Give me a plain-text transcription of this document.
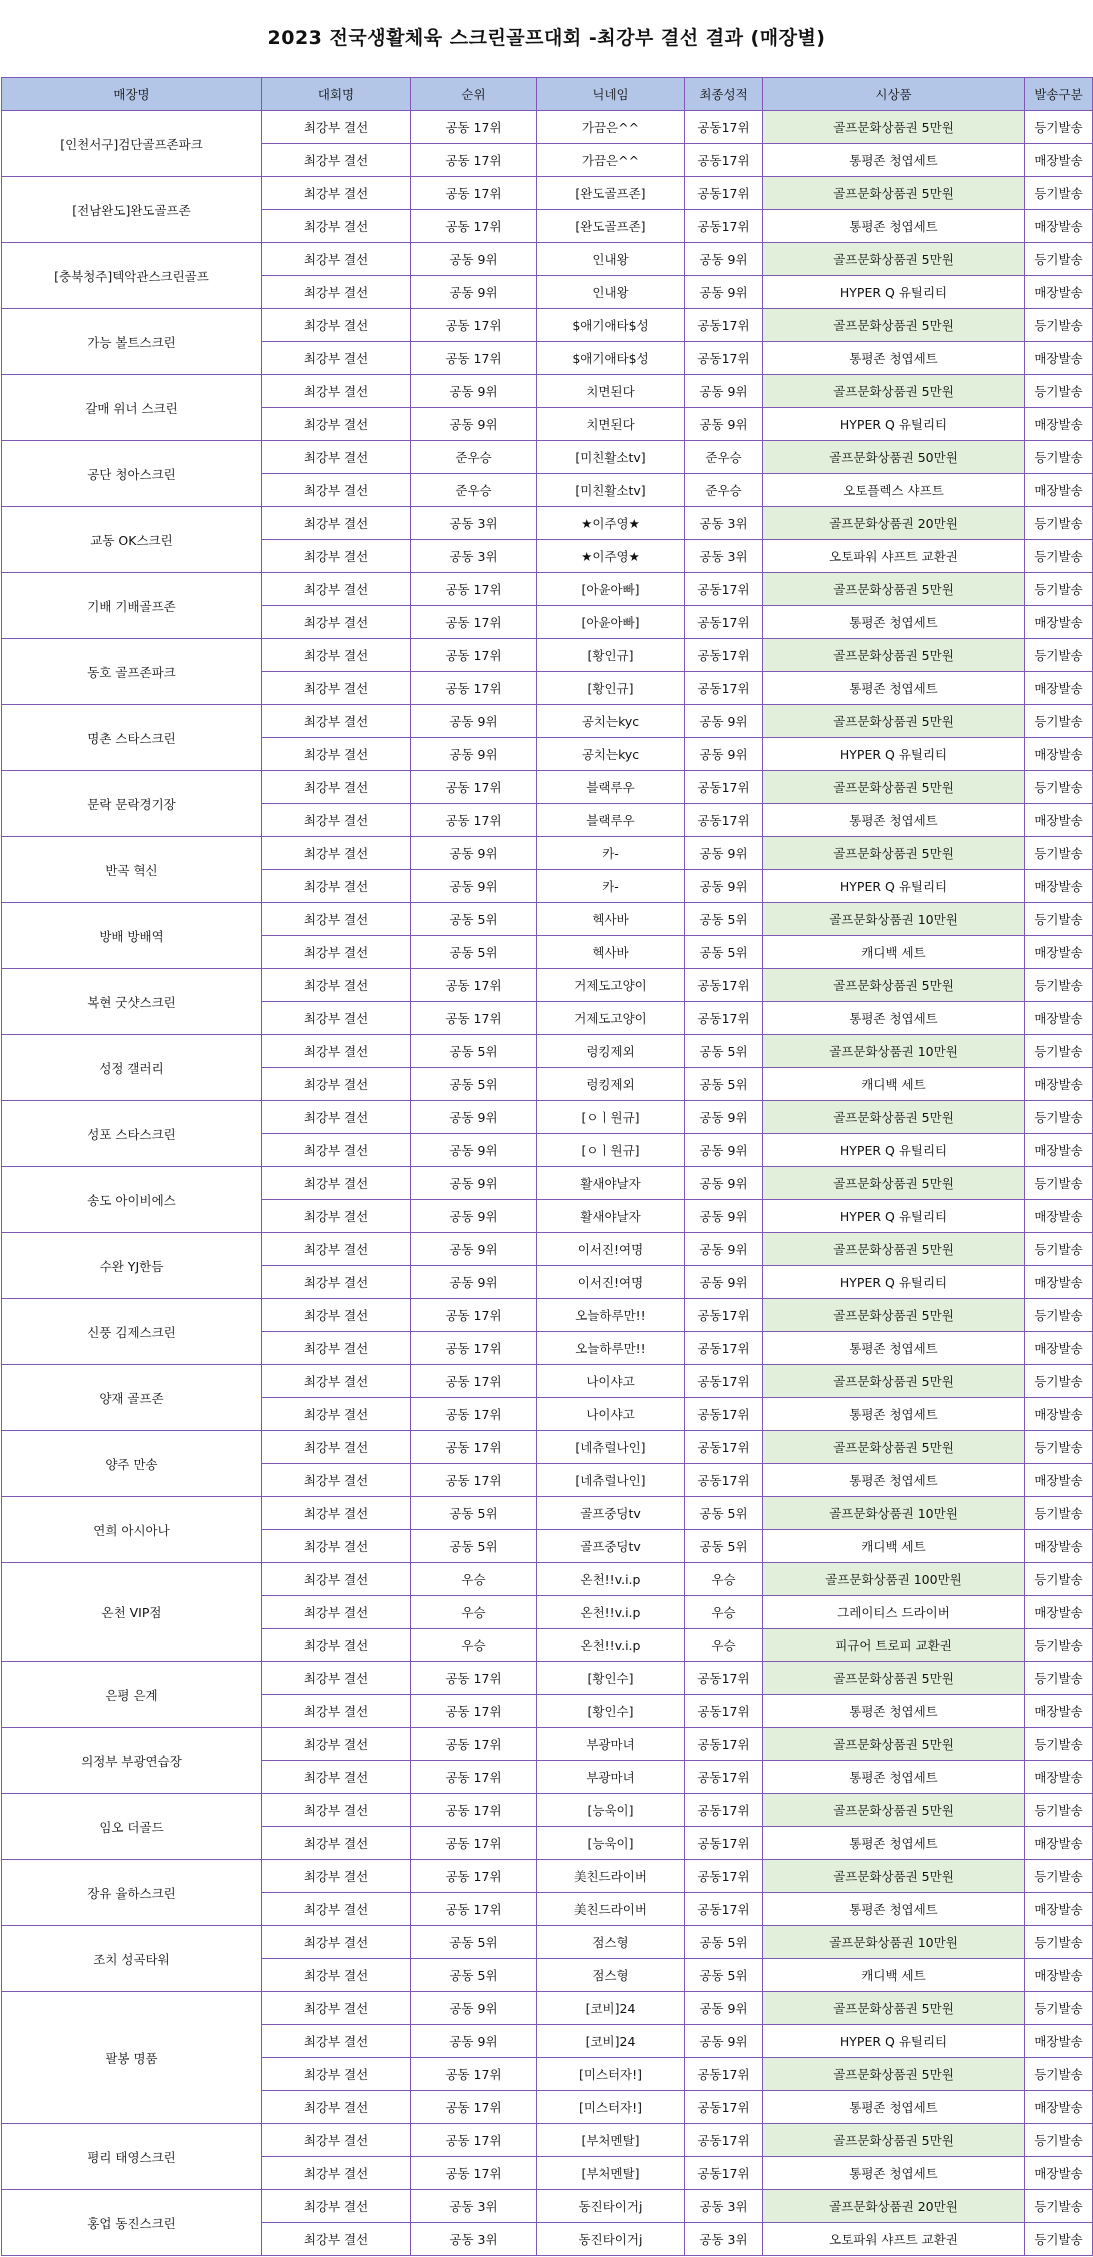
2023 전국생활체육 스크린골프대회 -최강부 결선 결과 (매장별)
매장명	대회명	순위	닉네임	최종성적	시상품	발송구분
[인천서구]검단골프존파크	최강부 결선	공동 17위	가끔은^^	공동17위	골프문화상품권 5만원	등기발송
	최강부 결선	공동 17위	가끔은^^	공동17위	통평존 청엽세트	매장발송
[전남완도]완도골프존	최강부 결선	공동 17위	[완도골프존]	공동17위	골프문화상품권 5만원	등기발송
	최강부 결선	공동 17위	[완도골프존]	공동17위	통평존 청엽세트	매장발송
[충북청주]텍악관스크린골프	최강부 결선	공동 9위	인내왕	공동 9위	골프문화상품권 5만원	등기발송
	최강부 결선	공동 9위	인내왕	공동 9위	HYPER Q 유틸리티	매장발송
가능 볼트스크린	최강부 결선	공동 17위	$애기애타$성	공동17위	골프문화상품권 5만원	등기발송
	최강부 결선	공동 17위	$애기애타$성	공동17위	통평존 청엽세트	매장발송
갈매 위너 스크린	최강부 결선	공동 9위	치면된다	공동 9위	골프문화상품권 5만원	등기발송
	최강부 결선	공동 9위	치면된다	공동 9위	HYPER Q 유틸리티	매장발송
공단 청아스크린	최강부 결선	준우승	[미친활소tv]	준우승	골프문화상품권 50만원	등기발송
	최강부 결선	준우승	[미친활소tv]	준우승	오토플렉스 샤프트	매장발송
교동 OK스크린	최강부 결선	공동 3위	★이주영★	공동 3위	골프문화상품권 20만원	등기발송
	최강부 결선	공동 3위	★이주영★	공동 3위	오토파워 샤프트 교환권	등기발송
기배 기배골프존	최강부 결선	공동 17위	[아윤아빠]	공동17위	골프문화상품권 5만원	등기발송
	최강부 결선	공동 17위	[아윤아빠]	공동17위	통평존 청엽세트	매장발송
동호 골프존파크	최강부 결선	공동 17위	[황인규]	공동17위	골프문화상품권 5만원	등기발송
	최강부 결선	공동 17위	[황인규]	공동17위	통평존 청엽세트	매장발송
명촌 스타스크린	최강부 결선	공동 9위	공치는kyc	공동 9위	골프문화상품권 5만원	등기발송
	최강부 결선	공동 9위	공치는kyc	공동 9위	HYPER Q 유틸리티	매장발송
문락 문락경기장	최강부 결선	공동 17위	블랙루우	공동17위	골프문화상품권 5만원	등기발송
	최강부 결선	공동 17위	블랙루우	공동17위	통평존 청엽세트	매장발송
반곡 혁신	최강부 결선	공동 9위	카-	공동 9위	골프문화상품권 5만원	등기발송
	최강부 결선	공동 9위	카-	공동 9위	HYPER Q 유틸리티	매장발송
방배 방배역	최강부 결선	공동 5위	헥사바	공동 5위	골프문화상품권 10만원	등기발송
	최강부 결선	공동 5위	헥사바	공동 5위	캐디백 세트	매장발송
복현 굿샷스크린	최강부 결선	공동 17위	거제도고양이	공동17위	골프문화상품권 5만원	등기발송
	최강부 결선	공동 17위	거제도고양이	공동17위	통평존 청엽세트	매장발송
성정 갤러리	최강부 결선	공동 5위	렁킹제외	공동 5위	골프문화상품권 10만원	등기발송
	최강부 결선	공동 5위	렁킹제외	공동 5위	캐디백 세트	매장발송
성포 스타스크린	최강부 결선	공동 9위	[ㅇㅣ원규]	공동 9위	골프문화상품권 5만원	등기발송
	최강부 결선	공동 9위	[ㅇㅣ원규]	공동 9위	HYPER Q 유틸리티	매장발송
송도 아이비에스	최강부 결선	공동 9위	활새야날자	공동 9위	골프문화상품권 5만원	등기발송
	최강부 결선	공동 9위	활새야날자	공동 9위	HYPER Q 유틸리티	매장발송
수완 YJ한듬	최강부 결선	공동 9위	이서진!여명	공동 9위	골프문화상품권 5만원	등기발송
	최강부 결선	공동 9위	이서진!여명	공동 9위	HYPER Q 유틸리티	매장발송
신풍 김제스크린	최강부 결선	공동 17위	오늘하루만!!	공동17위	골프문화상품권 5만원	등기발송
	최강부 결선	공동 17위	오늘하루만!!	공동17위	통평존 청엽세트	매장발송
양재 골프존	최강부 결선	공동 17위	나이샤고	공동17위	골프문화상품권 5만원	등기발송
	최강부 결선	공동 17위	나이샤고	공동17위	통평존 청엽세트	매장발송
양주 만송	최강부 결선	공동 17위	[네츄럴나인]	공동17위	골프문화상품권 5만원	등기발송
	최강부 결선	공동 17위	[네츄럴나인]	공동17위	통평존 청엽세트	매장발송
연희 아시아나	최강부 결선	공동 5위	골프중딩tv	공동 5위	골프문화상품권 10만원	등기발송
	최강부 결선	공동 5위	골프중딩tv	공동 5위	캐디백 세트	매장발송
온천 VIP점	최강부 결선	우승	온천!!v.i.p	우승	골프문화상품권 100만원	등기발송
	최강부 결선	우승	온천!!v.i.p	우승	그레이티스 드라이버	매장발송
	최강부 결선	우승	온천!!v.i.p	우승	피규어 트로피 교환권	등기발송
은평 은계	최강부 결선	공동 17위	[황인수]	공동17위	골프문화상품권 5만원	등기발송
	최강부 결선	공동 17위	[황인수]	공동17위	통평존 청엽세트	매장발송
의정부 부광연습장	최강부 결선	공동 17위	부광마녀	공동17위	골프문화상품권 5만원	등기발송
	최강부 결선	공동 17위	부광마녀	공동17위	통평존 청엽세트	매장발송
임오 더골드	최강부 결선	공동 17위	[능욱이]	공동17위	골프문화상품권 5만원	등기발송
	최강부 결선	공동 17위	[능욱이]	공동17위	통평존 청엽세트	매장발송
장유 율하스크린	최강부 결선	공동 17위	美친드라이버	공동17위	골프문화상품권 5만원	등기발송
	최강부 결선	공동 17위	美친드라이버	공동17위	통평존 청엽세트	매장발송
조치 성곡타워	최강부 결선	공동 5위	점스형	공동 5위	골프문화상품권 10만원	등기발송
	최강부 결선	공동 5위	점스형	공동 5위	캐디백 세트	매장발송
팔봉 명품	최강부 결선	공동 9위	[코비]24	공동 9위	골프문화상품권 5만원	등기발송
	최강부 결선	공동 9위	[코비]24	공동 9위	HYPER Q 유틸리티	매장발송
	최강부 결선	공동 17위	[미스터자!]	공동17위	골프문화상품권 5만원	등기발송
	최강부 결선	공동 17위	[미스터자!]	공동17위	통평존 청엽세트	매장발송
평리 태영스크린	최강부 결선	공동 17위	[부처멘탈]	공동17위	골프문화상품권 5만원	등기발송
	최강부 결선	공동 17위	[부처멘탈]	공동17위	통평존 청엽세트	매장발송
홍업 동진스크린	최강부 결선	공동 3위	동진타이거j	공동 3위	골프문화상품권 20만원	등기발송
	최강부 결선	공동 3위	동진타이거j	공동 3위	오토파워 샤프트 교환권	등기발송
